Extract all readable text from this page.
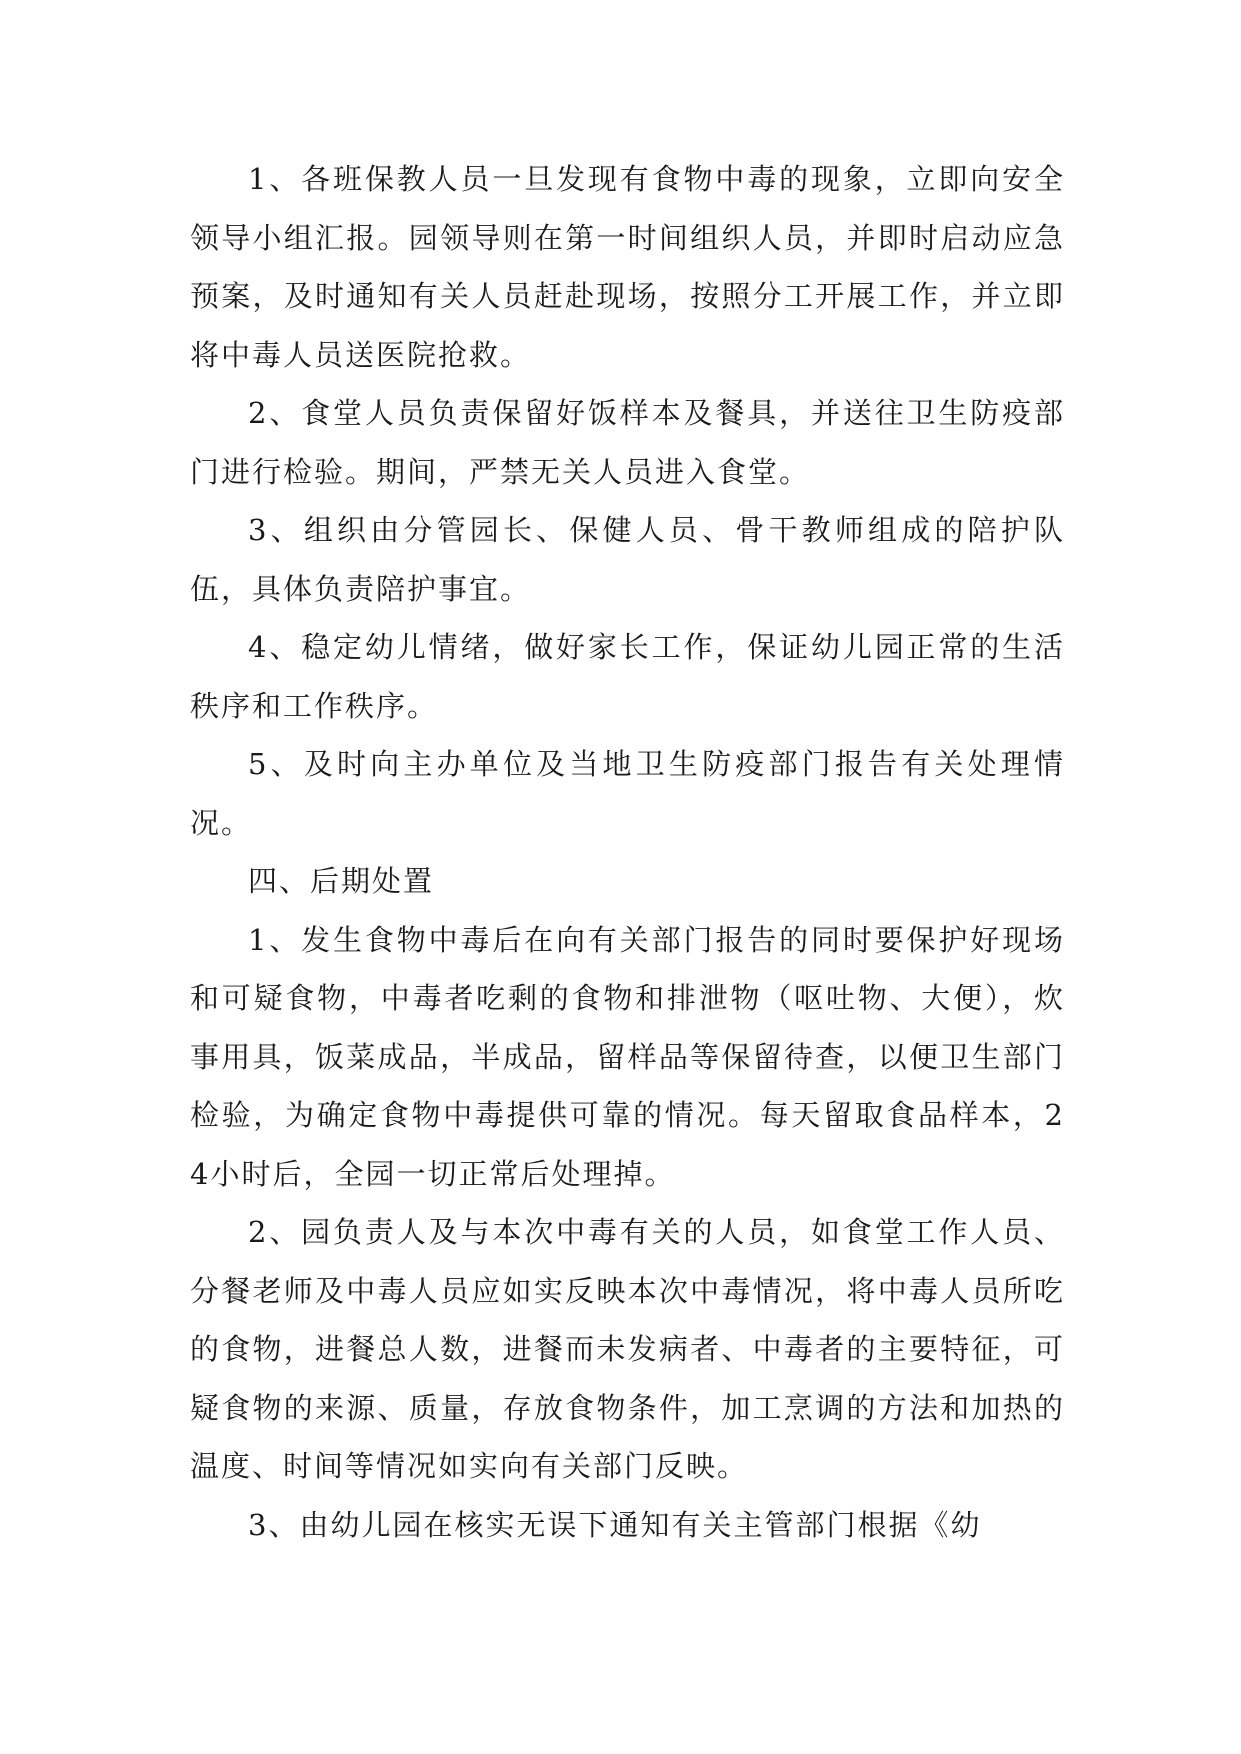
1、各班保教人员一旦发现有食物中毒的现象，立即向安全领导小组汇报。园领导则在第一时间组织人员，并即时启动应急预案，及时通知有关人员赶赴现场，按照分工开展工作，并立即将中毒人员送医院抢救。

2、食堂人员负责保留好饭样本及餐具，并送往卫生防疫部门进行检验。期间，严禁无关人员进入食堂。

3、组织由分管园长、保健人员、骨干教师组成的陪护队伍，具体负责陪护事宜。

4、稳定幼儿情绪，做好家长工作，保证幼儿园正常的生活秩序和工作秩序。

5、及时向主办单位及当地卫生防疫部门报告有关处理情况。

四、后期处置

1、发生食物中毒后在向有关部门报告的同时要保护好现场和可疑食物，中毒者吃剩的食物和排泄物（呕吐物、大便），炊事用具，饭菜成品，半成品，留样品等保留待查，以便卫生部门检验，为确定食物中毒提供可靠的情况。每天留取食品样本，24小时后，全园一切正常后处理掉。

2、园负责人及与本次中毒有关的人员，如食堂工作人员、分餐老师及中毒人员应如实反映本次中毒情况，将中毒人员所吃的食物，进餐总人数，进餐而未发病者、中毒者的主要特征，可疑食物的来源、质量，存放食物条件，加工烹调的方法和加热的温度、时间等情况如实向有关部门反映。

3、由幼儿园在核实无误下通知有关主管部门根据《幼
